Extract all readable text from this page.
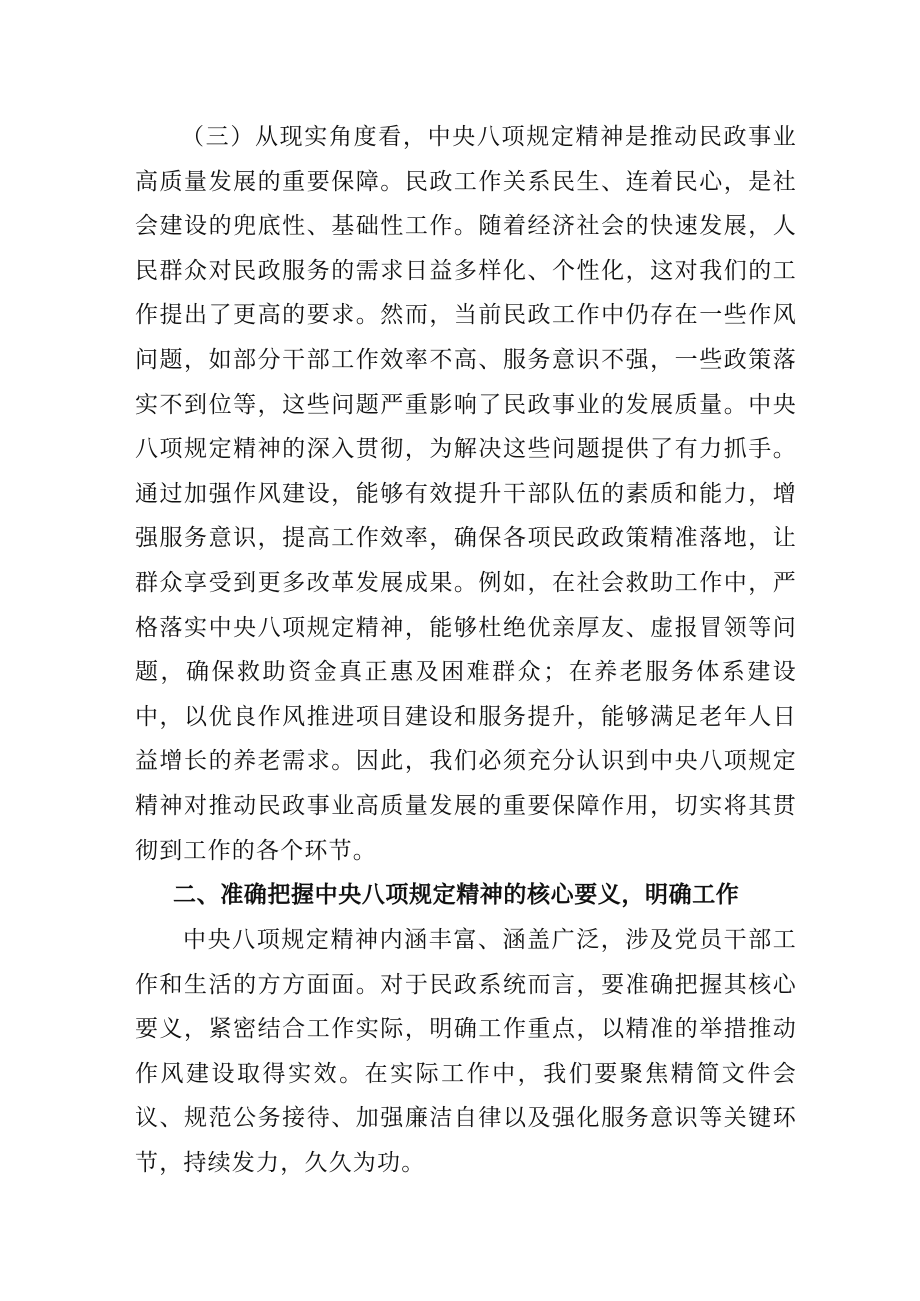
（三）从现实角度看，中央八项规定精神是推动民政事业高质量发展的重要保障。民政工作关系民生、连着民心，是社会建设的兜底性、基础性工作。随着经济社会的快速发展，人民群众对民政服务的需求日益多样化、个性化，这对我们的工作提出了更高的要求。然而，当前民政工作中仍存在一些作风问题，如部分干部工作效率不高、服务意识不强，一些政策落实不到位等，这些问题严重影响了民政事业的发展质量。中央八项规定精神的深入贯彻，为解决这些问题提供了有力抓手。通过加强作风建设，能够有效提升干部队伍的素质和能力，增强服务意识，提高工作效率，确保各项民政政策精准落地，让群众享受到更多改革发展成果。例如，在社会救助工作中，严格落实中央八项规定精神，能够杜绝优亲厚友、虚报冒领等问题，确保救助资金真正惠及困难群众；在养老服务体系建设中，以优良作风推进项目建设和服务提升，能够满足老年人日益增长的养老需求。因此，我们必须充分认识到中央八项规定精神对推动民政事业高质量发展的重要保障作用，切实将其贯彻到工作的各个环节。

二、准确把握中央八项规定精神的核心要义，明确工作

中央八项规定精神内涵丰富、涵盖广泛，涉及党员干部工作和生活的方方面面。对于民政系统而言，要准确把握其核心要义，紧密结合工作实际，明确工作重点，以精准的举措推动作风建设取得实效。在实际工作中，我们要聚焦精简文件会议、规范公务接待、加强廉洁自律以及强化服务意识等关键环节，持续发力，久久为功。
